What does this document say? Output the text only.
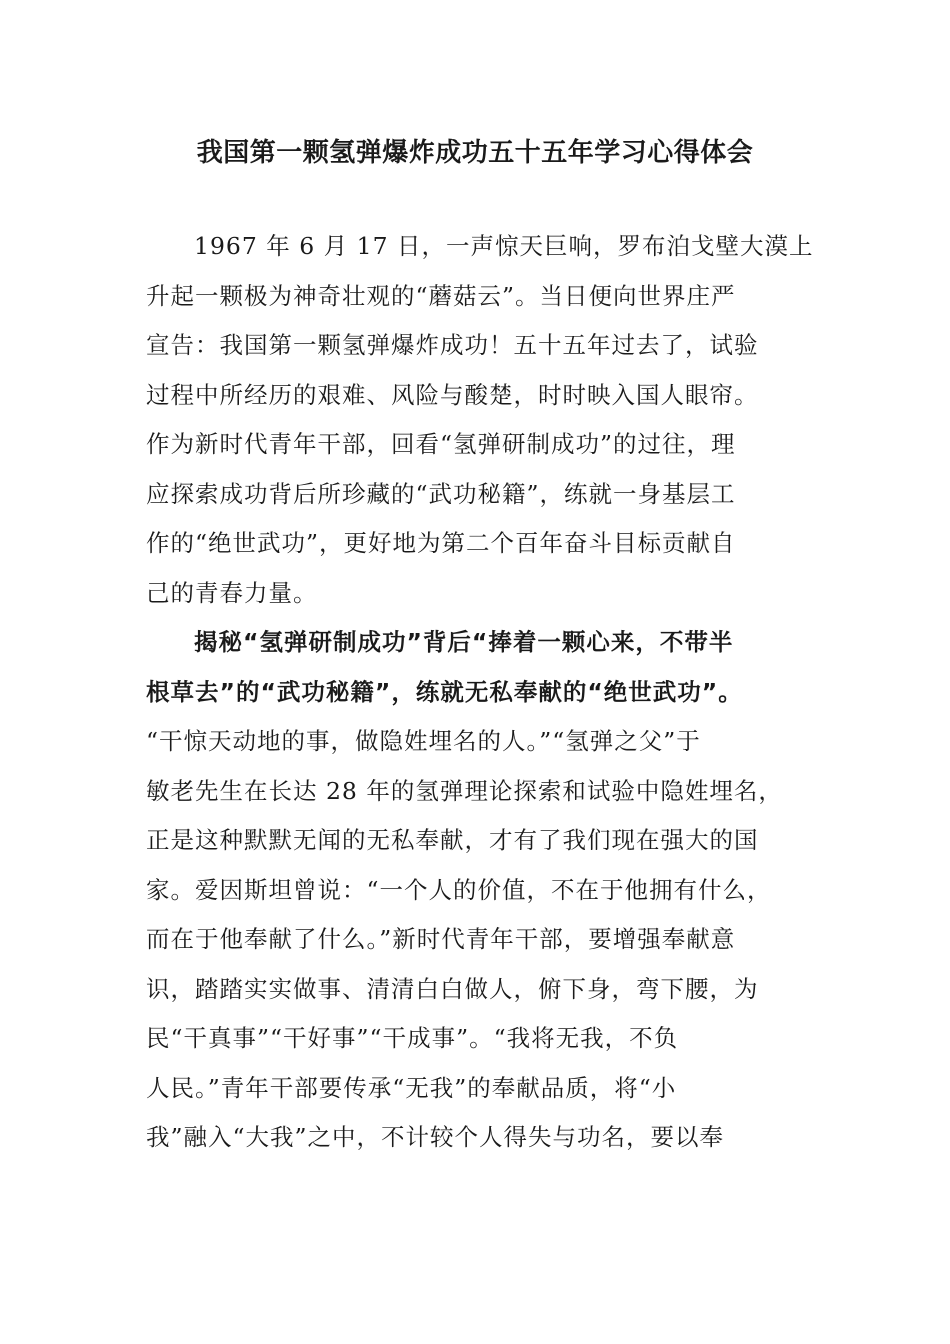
我国第一颗氢弹爆炸成功五十五年学习心得体会
1967 年 6 月 17 日，一声惊天巨响，罗布泊戈壁大漠上
升起一颗极为神奇壮观的“蘑菇云”。当日便向世界庄严
宣告：我国第一颗氢弹爆炸成功！五十五年过去了，试验
过程中所经历的艰难、风险与酸楚，时时映入国人眼帘。
作为新时代青年干部，回看“氢弹研制成功”的过往，理
应探索成功背后所珍藏的“武功秘籍”，练就一身基层工
作的“绝世武功”，更好地为第二个百年奋斗目标贡献自
己的青春力量。
揭秘“氢弹研制成功”背后“捧着一颗心来，不带半
根草去”的“武功秘籍”，练就无私奉献的“绝世武功”。
“干惊天动地的事，做隐姓埋名的人。”“氢弹之父”于
敏老先生在长达 28 年的氢弹理论探索和试验中隐姓埋名，
正是这种默默无闻的无私奉献，才有了我们现在强大的国
家。爱因斯坦曾说：“一个人的价值，不在于他拥有什么，
而在于他奉献了什么。”新时代青年干部，要增强奉献意
识，踏踏实实做事、清清白白做人，俯下身，弯下腰，为
民“干真事”“干好事”“干成事”。“我将无我，不负
人民。”青年干部要传承“无我”的奉献品质，将“小
我”融入“大我”之中，不计较个人得失与功名，要以奉
